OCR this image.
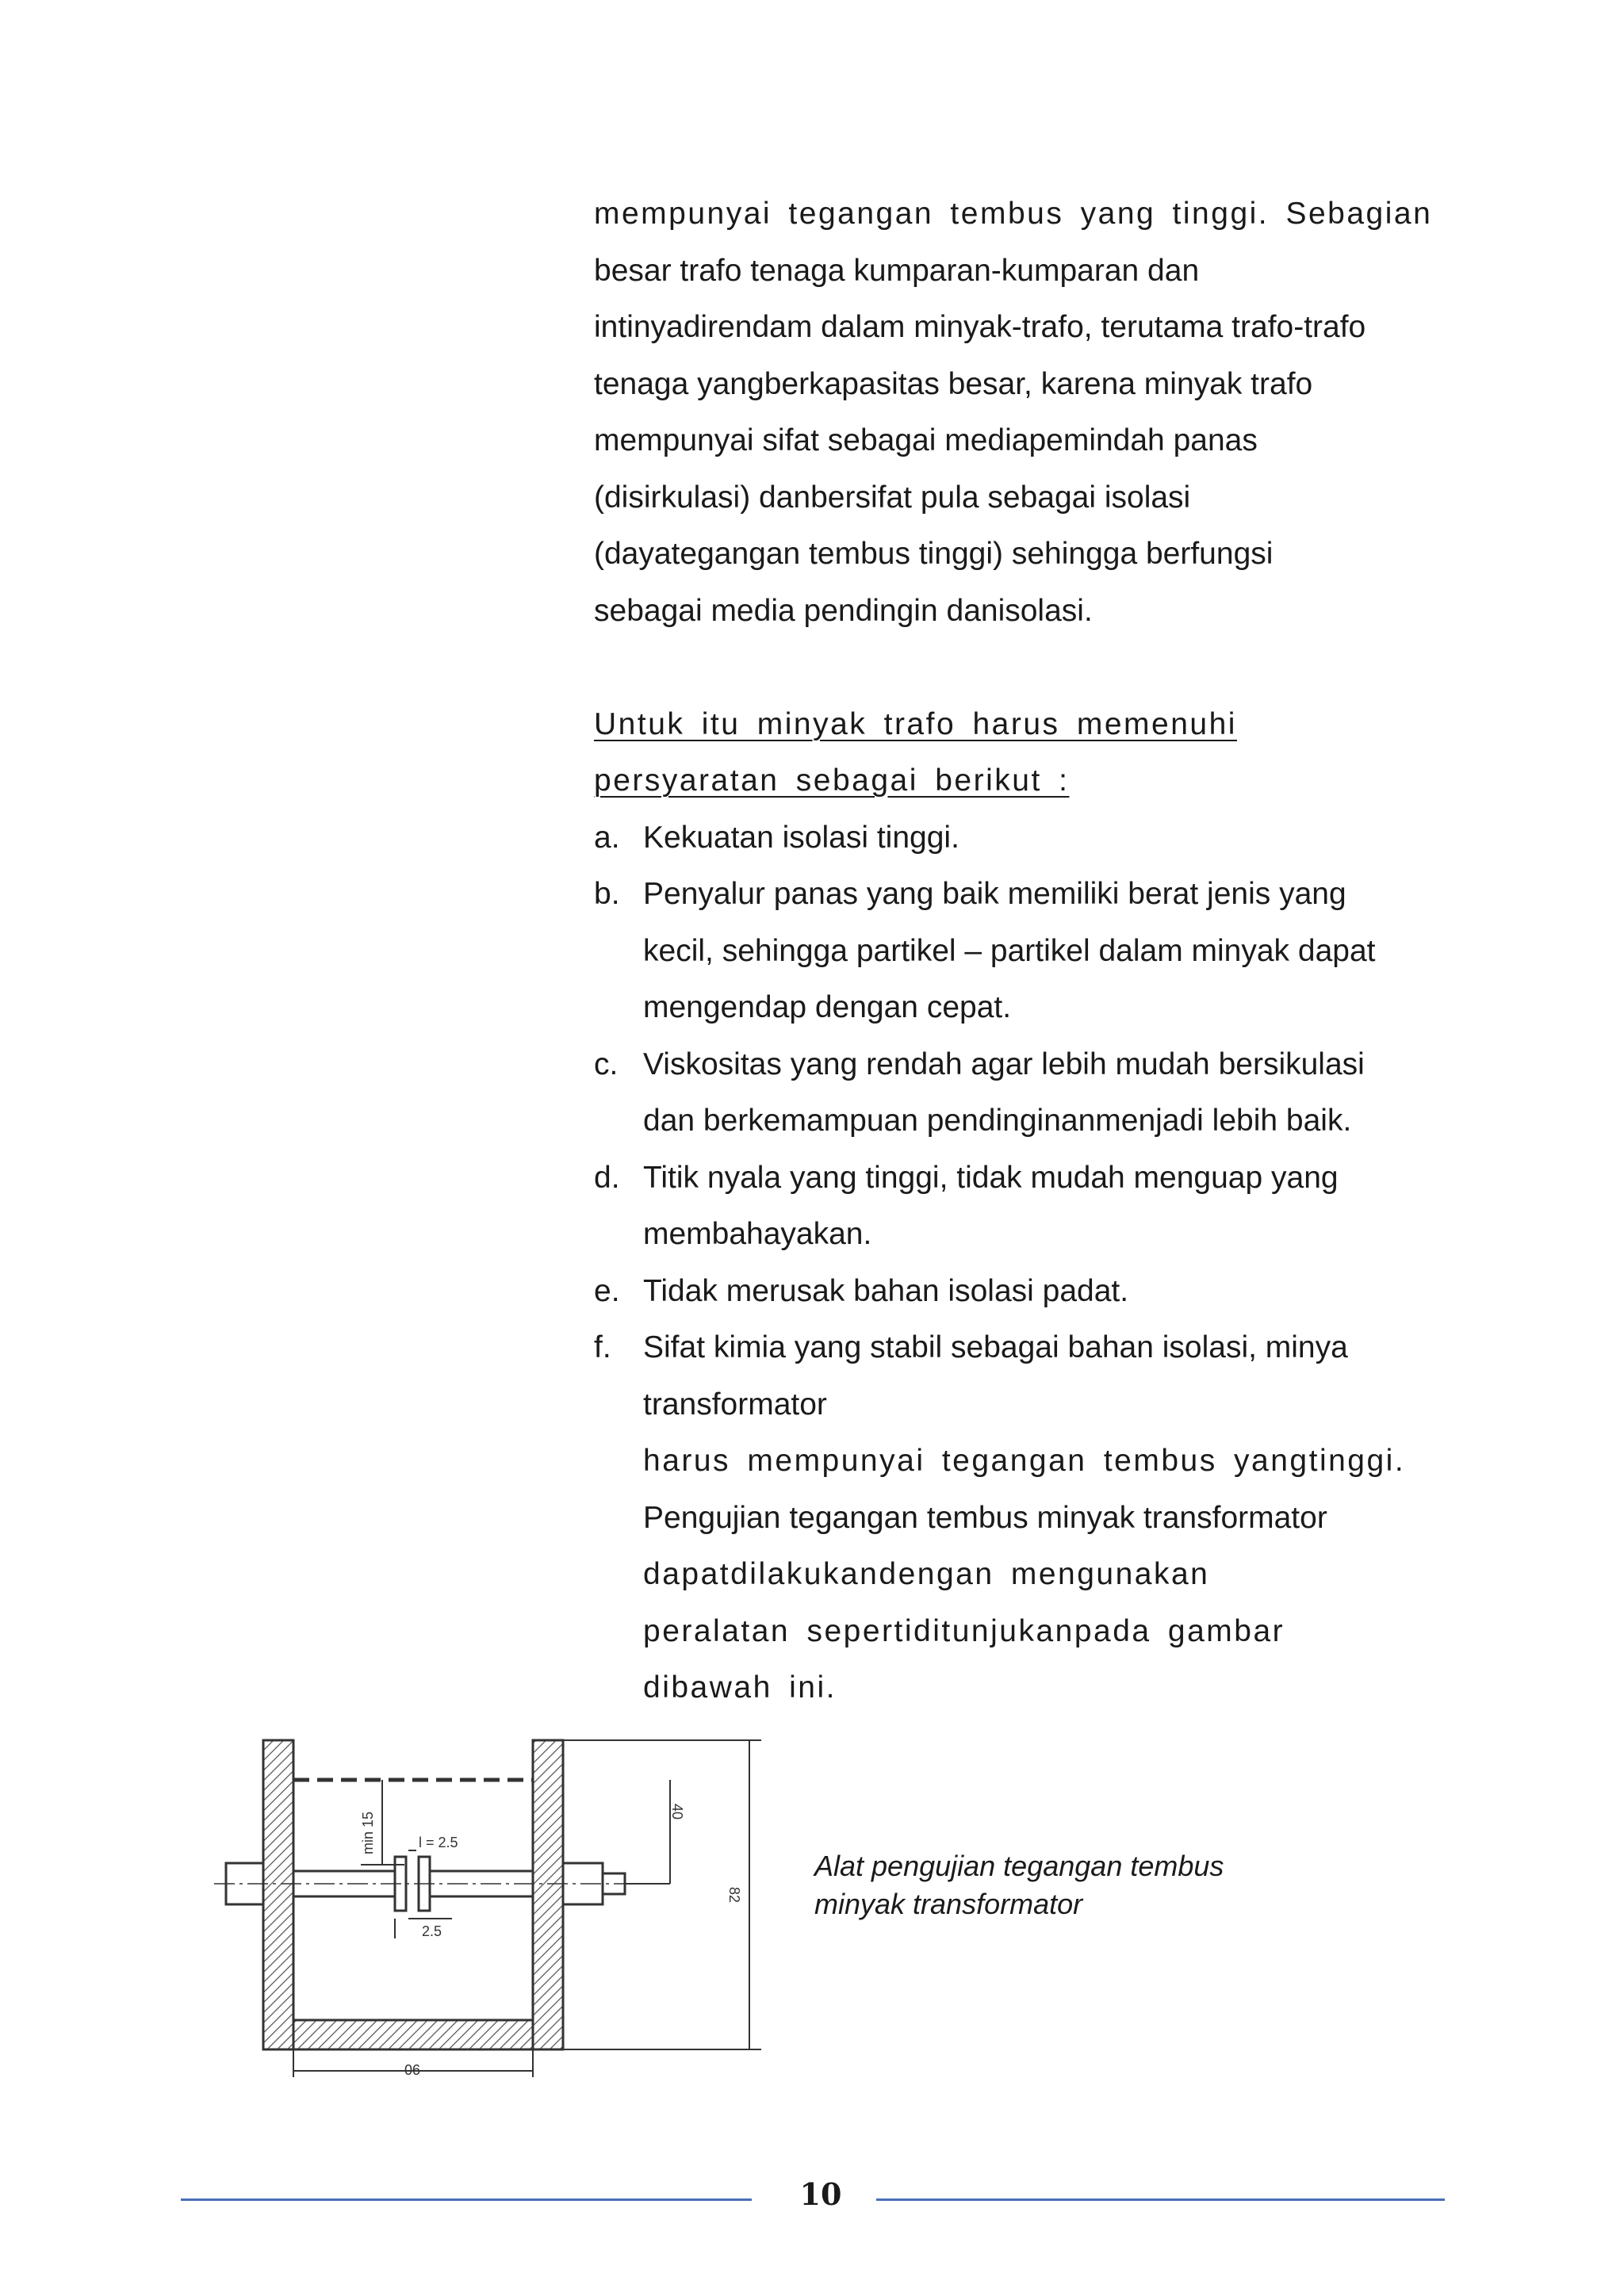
mempunyai tegangan tembus yang tinggi. Sebagian
besar trafo tenaga kumparan-kumparan dan
intinyadirendam dalam minyak-trafo, terutama trafo-trafo
tenaga yangberkapasitas besar, karena minyak trafo
mempunyai sifat sebagai mediapemindah panas
(disirkulasi) danbersifat pula sebagai isolasi
(dayategangan tembus tinggi) sehingga berfungsi
sebagai media pendingin danisolasi.
Untuk itu minyak trafo harus memenuhi
persyaratan sebagai berikut :
a. Kekuatan isolasi tinggi.
b. Penyalur panas yang baik memiliki berat jenis yang
kecil, sehingga partikel – partikel dalam minyak dapat
mengendap dengan cepat.
c. Viskositas yang rendah agar lebih mudah bersikulasi
dan berkemampuan pendinginanmenjadi lebih baik.
d. Titik nyala yang tinggi, tidak mudah menguap yang
membahayakan.
e. Tidak merusak bahan isolasi padat.
f.	Sifat kimia yang stabil sebagai bahan isolasi, minya
transformator
harus mempunyai tegangan tembus yangtinggi.
Pengujian tegangan tembus minyak transformator
dapatdilakukandengan mengunakan
peralatan sepertiditunjukanpada gambar
dibawah ini.
min 15	l = 2.5
2.5
40
82
90
Alat pengujian tegangan tembus
minyak transformator
10
